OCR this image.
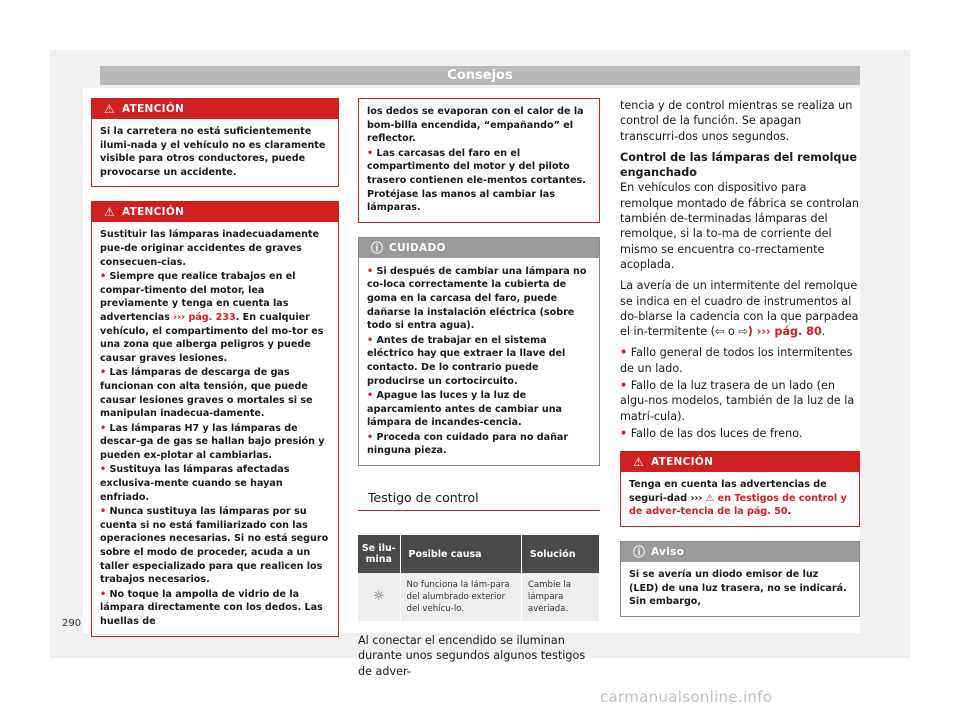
Consejos
⚠ ATENCIÓN

Si la carretera no está suficientemente ilumi-nada y el vehículo no es claramente visible para otros conductores, puede provocarse un accidente.

⚠ ATENCIÓN

Sustituir las lámparas inadecuadamente pue-de originar accidentes de graves consecuen-cias.

• Siempre que realice trabajos en el compar-timento del motor, lea previamente y tenga en cuenta las advertencias ››› pág. 233. En cualquier vehículo, el compartimento del mo-tor es una zona que alberga peligros y puede causar graves lesiones.

• Las lámparas de descarga de gas funcionan con alta tensión, que puede causar lesiones graves o mortales si se manipulan inadecua-damente.

• Las lámparas H7 y las lámparas de descar-ga de gas se hallan bajo presión y pueden ex-plotar al cambiarlas.

• Sustituya las lámparas afectadas exclusiva-mente cuando se hayan enfriado.

• Nunca sustituya las lámparas por su cuenta si no está familiarizado con las operaciones necesarias. Si no está seguro sobre el modo de proceder, acuda a un taller especializado para que realicen los trabajos necesarios.

• No toque la ampolla de vidrio de la lámpara directamente con los dedos. Las huellas de

los dedos se evaporan con el calor de la bom-billa encendida, “empañando” el reflector.

• Las carcasas del faro en el compartimento del motor y del piloto trasero contienen ele-mentos cortantes. Protéjase las manos al cambiar las lámparas.

ⓘ CUIDADO

• Si después de cambiar una lámpara no co-loca correctamente la cubierta de goma en la carcasa del faro, puede dañarse la instalación eléctrica (sobre todo si entra agua).

• Antes de trabajar en el sistema eléctrico hay que extraer la llave del contacto. De lo contrario puede producirse un cortocircuito.

• Apague las luces y la luz de aparcamiento antes de cambiar una lámpara de incandes-cencia.

• Proceda con cuidado para no dañar ninguna pieza.

Testigo de control
Se ilu-mina	Posible causa	Solución
☼	No funciona la lám-para del alumbrado exterior del vehícu-lo.	Cambie la lámpara averiada.

Al conectar el encendido se iluminan durante unos segundos algunos testigos de adver-

tencia y de control mientras se realiza un control de la función. Se apagan transcurri-dos unos segundos.

Control de las lámparas del remolque enganchado

En vehículos con dispositivo para remolque montado de fábrica se controlan también de-terminadas lámparas del remolque, si la to-ma de corriente del mismo se encuentra co-rrectamente acoplada.

La avería de un intermitente del remolque se indica en el cuadro de instrumentos al do-blarse la cadencia con la que parpadea el in-termitente (⇦ o ⇨) ››› pág. 80.

• Fallo general de todos los intermitentes de un lado.

• Fallo de la luz trasera de un lado (en algu-nos modelos, también de la luz de la matrí-cula).

• Fallo de las dos luces de freno.

⚠ ATENCIÓN

Tenga en cuenta las advertencias de seguri-dad ››› ⚠ en Testigos de control y de adver-tencia de la pág. 50.

ⓘ Aviso

Si se avería un diodo emisor de luz (LED) de una luz trasera, no se indicará. Sin embargo,

290
carmanualsonline.info
